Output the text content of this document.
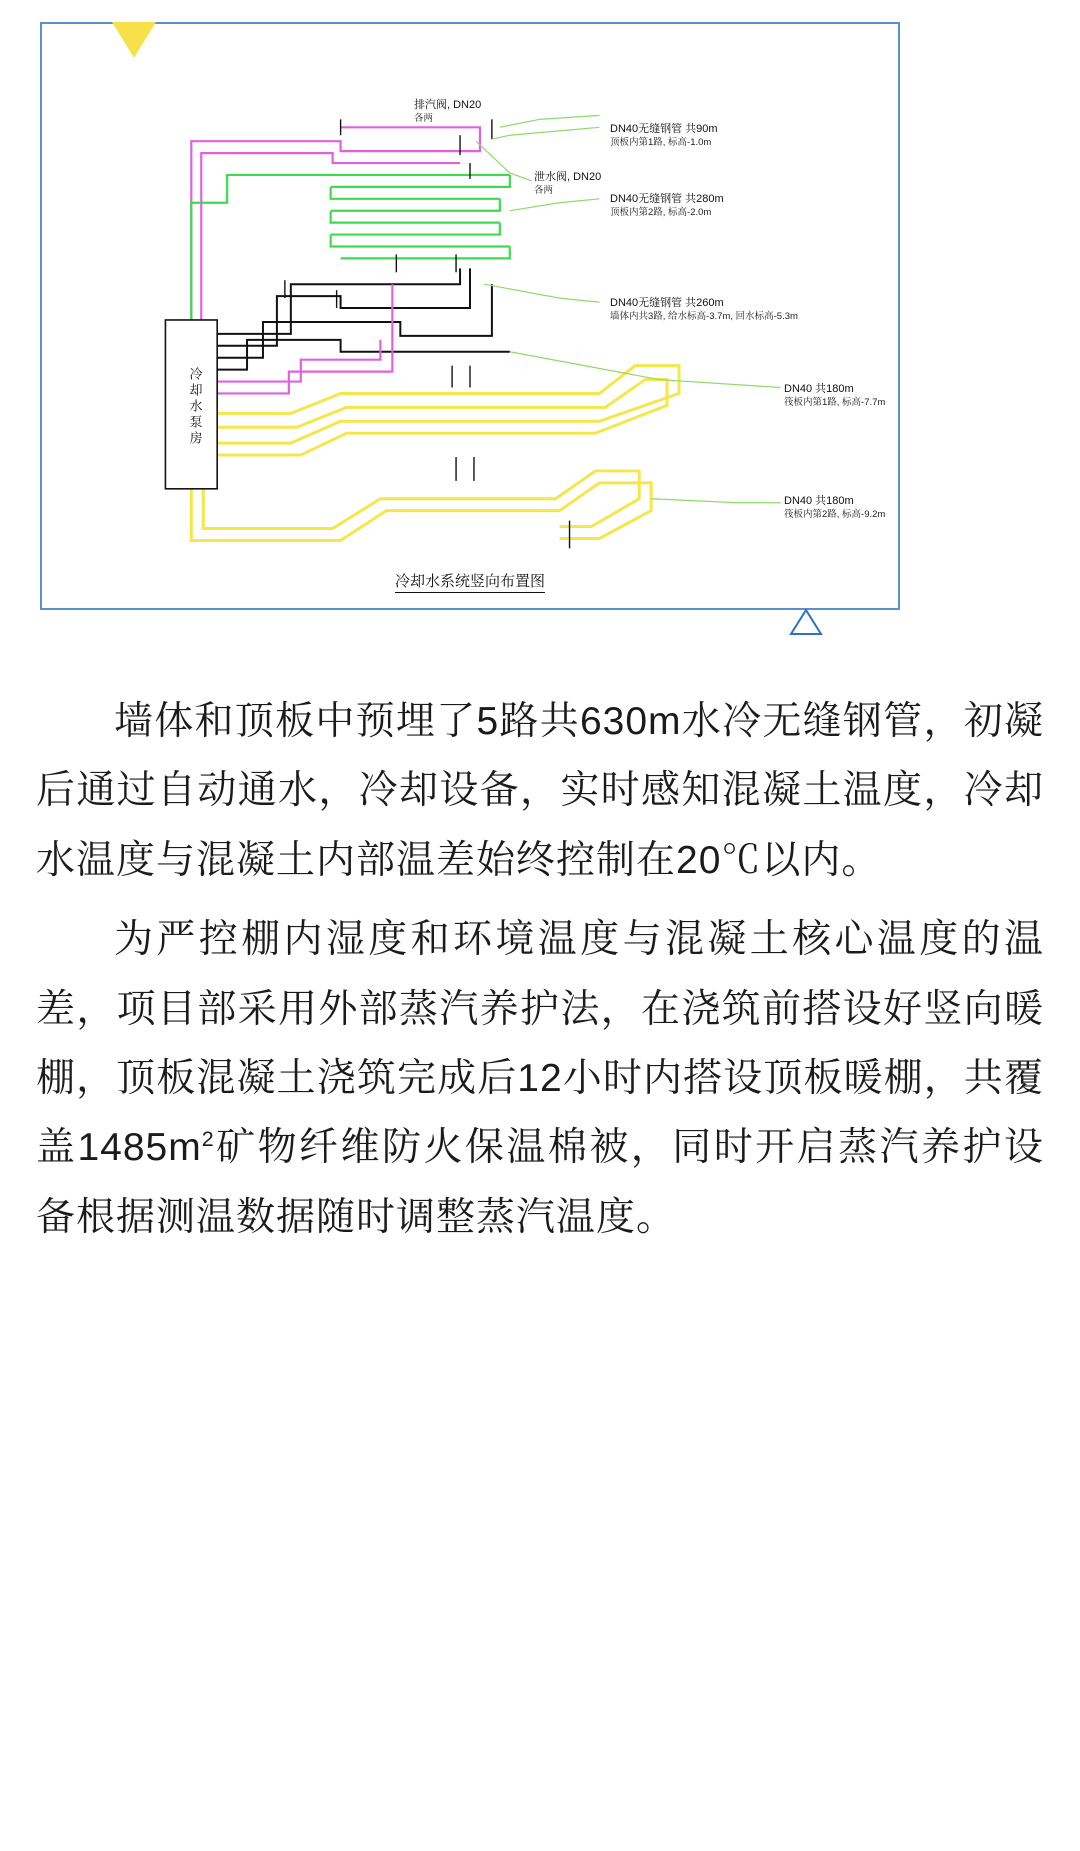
冷却水泵房
排汽阀, DN20
各两
DN40无缝钢管 共90m
顶板内第1路, 标高-1.0m
泄水阀, DN20
各两
DN40无缝钢管 共280m
顶板内第2路, 标高-2.0m
DN40无缝钢管 共260m
墙体内共3路, 给水标高-3.7m, 回水标高-5.3m
DN40 共180m
筏板内第1路, 标高-7.7m
DN40 共180m
筏板内第2路, 标高-9.2m
冷却水系统竖向布置图

墙体和顶板中预埋了5路共630m水冷无缝钢管，初凝后通过自动通水，冷却设备，实时感知混凝土温度，冷却水温度与混凝土内部温差始终控制在20℃以内。

为严控棚内湿度和环境温度与混凝土核心温度的温差，项目部采用外部蒸汽养护法，在浇筑前搭设好竖向暖棚，顶板混凝土浇筑完成后12小时内搭设顶板暖棚，共覆盖$1485m^2$矿物纤维防火保温棉被，同时开启蒸汽养护设备根据测温数据随时调整蒸汽温度。
